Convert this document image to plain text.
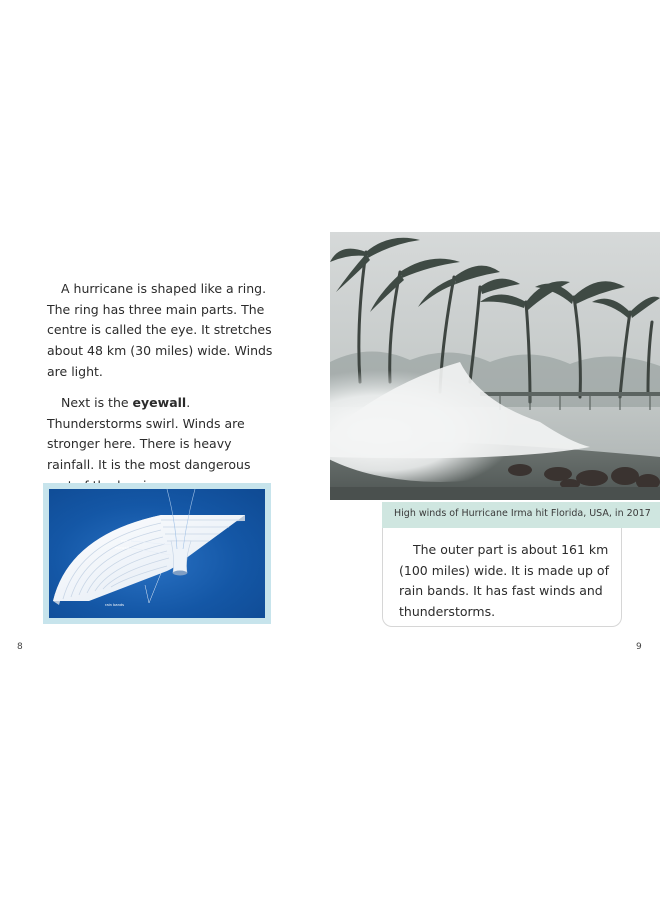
A hurricane is shaped like a ring. The ring has three main parts. The centre is called the eye. It stretches about 48 km (30 miles) wide. Winds are light.

Next is the eyewall. Thunderstorms swirl. Winds are stronger here. There is heavy rainfall. It is the most dangerous

eye
eyewall
rain bands
8
High winds of Hurricane Irma hit Florida, USA, in 2017

The outer part is about 161 km (100 miles) wide. It is made up of rain bands. It has fast winds and thunderstorms.

9
